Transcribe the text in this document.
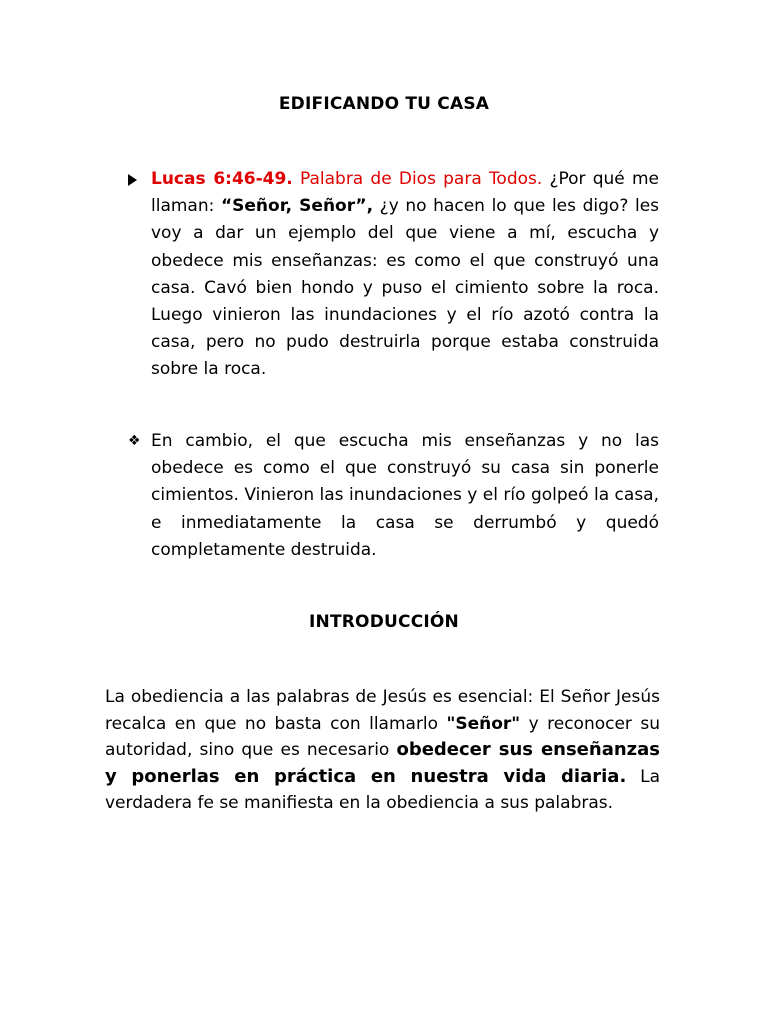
EDIFICANDO TU CASA
Lucas 6:46-49. Palabra de Dios para Todos. ¿Por qué me llaman: “Señor, Señor”, ¿y no hacen lo que les digo? les voy a dar un ejemplo del que viene a mí, escucha y obedece mis enseñanzas: es como el que construyó una casa. Cavó bien hondo y puso el cimiento sobre la roca. Luego vinieron las inundaciones y el río azotó contra la casa, pero no pudo destruirla porque estaba construida sobre la roca.
❖ En cambio, el que escucha mis enseñanzas y no las obedece es como el que construyó su casa sin ponerle cimientos. Vinieron las inundaciones y el río golpeó la casa, e inmediatamente la casa se derrumbó y quedó completamente destruida.
INTRODUCCIÓN
La obediencia a las palabras de Jesús es esencial: El Señor Jesús recalca en que no basta con llamarlo "Señor" y reconocer su autoridad, sino que es necesario obedecer sus enseñanzas y ponerlas en práctica en nuestra vida diaria. La verdadera fe se manifiesta en la obediencia a sus palabras.
